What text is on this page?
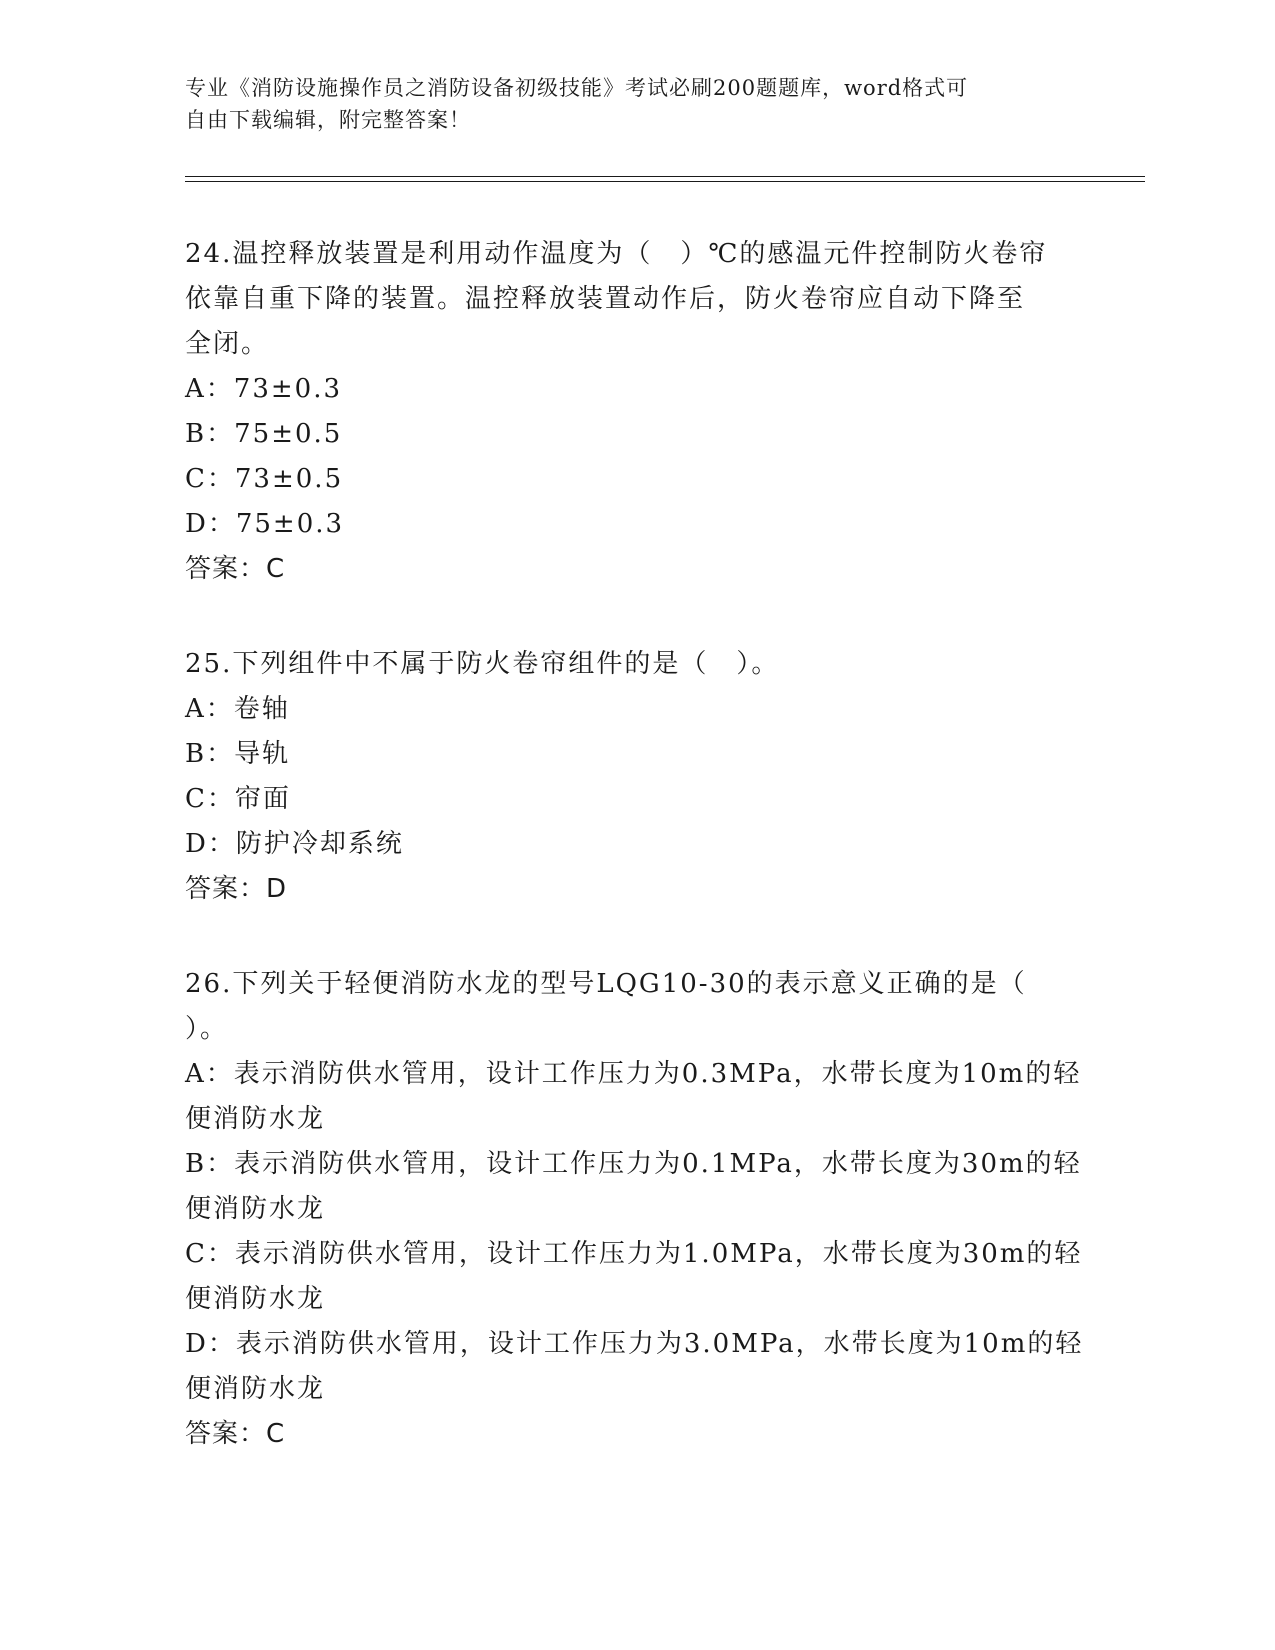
专业《消防设施操作员之消防设备初级技能》考试必刷200题题库，word格式可
自由下载编辑，附完整答案！

24.温控释放装置是利用动作温度为（　）℃的感温元件控制防火卷帘

依靠自重下降的装置。温控释放装置动作后，防火卷帘应自动下降至

全闭。

A：73±0.3

B：75±0.5

C：73±0.5

D：75±0.3

答案：C

25.下列组件中不属于防火卷帘组件的是（　）。

A：卷轴

B：导轨

C：帘面

D：防护冷却系统

答案：D

26.下列关于轻便消防水龙的型号LQG10-30的表示意义正确的是（

）。

A：表示消防供水管用，设计工作压力为0.3MPa，水带长度为10m的轻

便消防水龙

B：表示消防供水管用，设计工作压力为0.1MPa，水带长度为30m的轻

便消防水龙

C：表示消防供水管用，设计工作压力为1.0MPa，水带长度为30m的轻

便消防水龙

D：表示消防供水管用，设计工作压力为3.0MPa，水带长度为10m的轻

便消防水龙

答案：C
